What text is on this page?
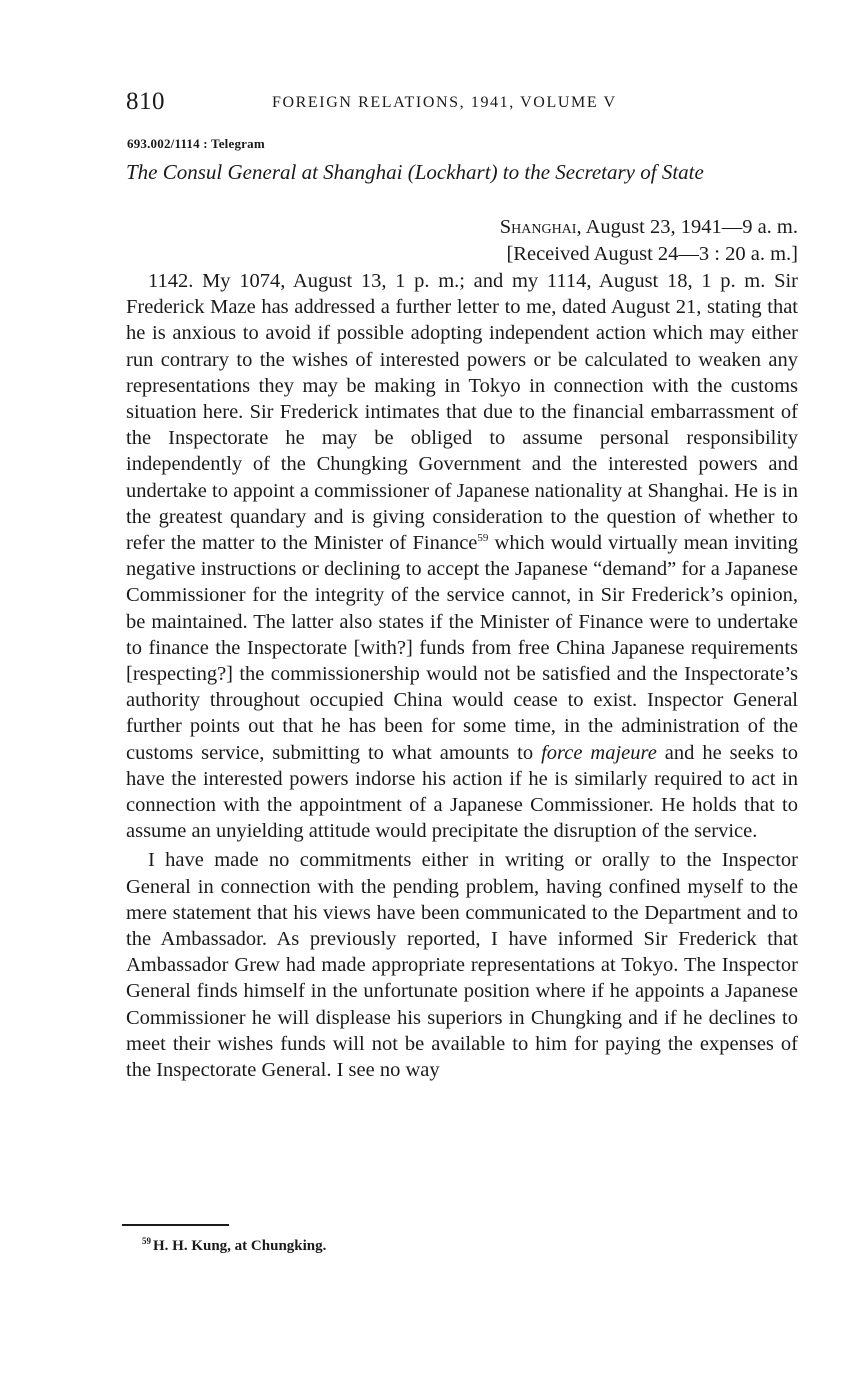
810	FOREIGN RELATIONS, 1941, VOLUME V
693.002/1114 : Telegram
The Consul General at Shanghai (Lockhart) to the Secretary of State
Shanghai, August 23, 1941—9 a. m.
[Received August 24—3 : 20 a. m.]

1142. My 1074, August 13, 1 p. m.; and my 1114, August 18, 1 p. m. Sir Frederick Maze has addressed a further letter to me, dated August 21, stating that he is anxious to avoid if possible adopting independent action which may either run contrary to the wishes of interested powers or be calculated to weaken any representations they may be making in Tokyo in connection with the customs situation here. Sir Frederick intimates that due to the financial embarrassment of the Inspectorate he may be obliged to assume personal responsibility independently of the Chungking Government and the interested powers and undertake to appoint a commissioner of Japanese nationality at Shanghai. He is in the greatest quandary and is giving consideration to the question of whether to refer the matter to the Minister of Finance$^{59}$ which would virtually mean inviting negative instructions or declining to accept the Japanese “demand” for a Japanese Commissioner for the integrity of the service cannot, in Sir Frederick’s opinion, be maintained. The latter also states if the Minister of Finance were to undertake to finance the Inspectorate [with?] funds from free China Japanese requirements [respecting?] the commissionership would not be satisfied and the Inspectorate’s authority throughout occupied China would cease to exist. Inspector General further points out that he has been for some time, in the administration of the customs service, submitting to what amounts to force majeure and he seeks to have the interested powers indorse his action if he is similarly required to act in connection with the appointment of a Japanese Commissioner. He holds that to assume an unyielding attitude would precipitate the disruption of the service.

I have made no commitments either in writing or orally to the Inspector General in connection with the pending problem, having confined myself to the mere statement that his views have been communicated to the Department and to the Ambassador. As previously reported, I have informed Sir Frederick that Ambassador Grew had made appropriate representations at Tokyo. The Inspector General finds himself in the unfortunate position where if he appoints a Japanese Commissioner he will displease his superiors in Chungking and if he declines to meet their wishes funds will not be available to him for paying the expenses of the Inspectorate General. I see no way

$^{59}$ H. H. Kung, at Chungking.
